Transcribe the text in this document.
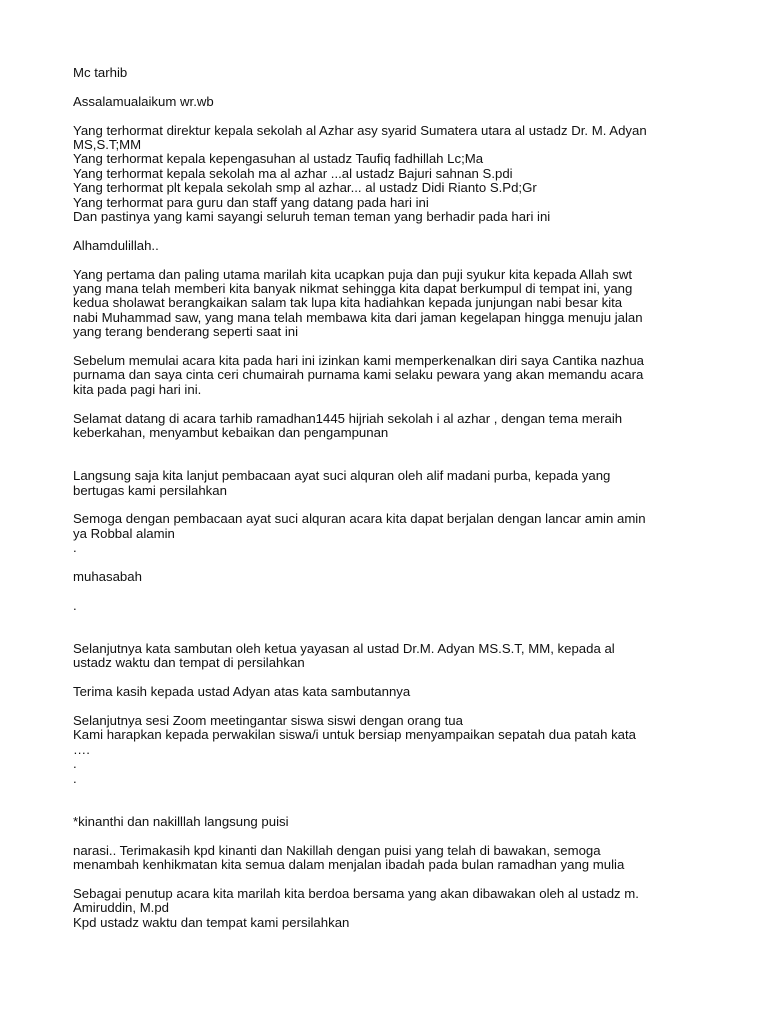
Mc tarhib
Assalamualaikum wr.wb
Yang terhormat direktur kepala sekolah al Azhar asy syarid Sumatera utara al ustadz Dr. M. Adyan
MS,S.T;MM
Yang terhormat kepala kepengasuhan al ustadz Taufiq fadhillah Lc;Ma
Yang terhormat kepala sekolah ma al azhar ...al ustadz Bajuri sahnan S.pdi
Yang terhormat plt kepala sekolah smp al azhar... al ustadz Didi Rianto S.Pd;Gr
Yang terhormat para guru dan staff yang datang pada hari ini
Dan pastinya yang kami sayangi seluruh teman teman yang berhadir pada hari ini
Alhamdulillah..
Yang pertama dan paling utama marilah kita ucapkan puja dan puji syukur kita kepada Allah swt
yang mana telah memberi kita banyak nikmat sehingga kita dapat berkumpul di tempat ini, yang
kedua sholawat berangkaikan salam tak lupa kita hadiahkan kepada junjungan nabi besar kita
nabi Muhammad saw, yang mana telah membawa kita dari jaman kegelapan hingga menuju jalan
yang terang benderang seperti saat ini
Sebelum memulai acara kita pada hari ini izinkan kami memperkenalkan diri saya Cantika nazhua
purnama dan saya cinta ceri chumairah purnama kami selaku pewara yang akan memandu acara
kita pada pagi hari ini.
Selamat datang di acara tarhib ramadhan1445 hijriah sekolah i al azhar , dengan tema meraih
keberkahan, menyambut kebaikan dan pengampunan
Langsung saja kita lanjut pembacaan ayat suci alquran oleh alif madani purba, kepada yang
bertugas kami persilahkan
Semoga dengan pembacaan ayat suci alquran acara kita dapat berjalan dengan lancar amin amin
ya Robbal alamin
.
muhasabah
.
Selanjutnya kata sambutan oleh ketua yayasan al ustad Dr.M. Adyan MS.S.T, MM, kepada al
ustadz waktu dan tempat di persilahkan
Terima kasih kepada ustad Adyan atas kata sambutannya
Selanjutnya sesi Zoom meetingantar siswa siswi dengan orang tua
Kami harapkan kepada perwakilan siswa/i untuk bersiap menyampaikan sepatah dua patah kata
….
.
.
*kinanthi dan nakilllah langsung puisi
narasi.. Terimakasih kpd kinanti dan Nakillah dengan puisi yang telah di bawakan, semoga
menambah kenhikmatan kita semua dalam menjalan ibadah pada bulan ramadhan yang mulia
Sebagai penutup acara kita marilah kita berdoa bersama yang akan dibawakan oleh al ustadz m.
Amiruddin, M.pd
Kpd ustadz waktu dan tempat kami persilahkan
